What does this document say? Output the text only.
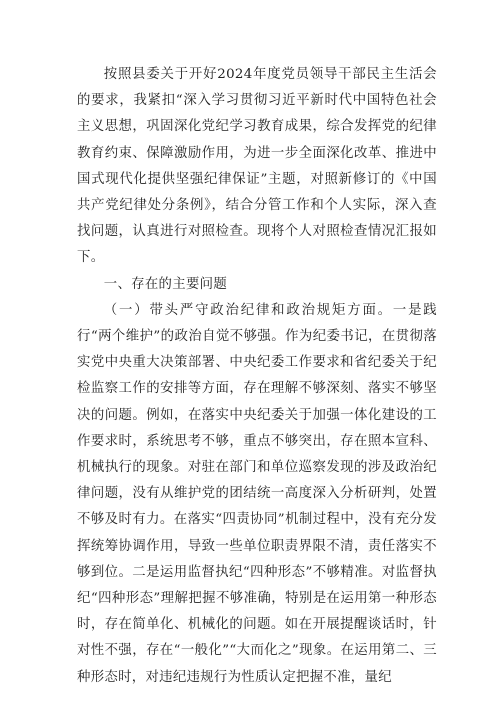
按照县委关于开好2024年度党员领导干部民主生活会的要求，我紧扣“深入学习贯彻习近平新时代中国特色社会主义思想，巩固深化党纪学习教育成果，综合发挥党的纪律教育约束、保障激励作用，为进一步全面深化改革、推进中国式现代化提供坚强纪律保证”主题，对照新修订的《中国共产党纪律处分条例》，结合分管工作和个人实际，深入查找问题，认真进行对照检查。现将个人对照检查情况汇报如下。

一、存在的主要问题

（一）带头严守政治纪律和政治规矩方面。一是践行“两个维护”的政治自觉不够强。作为纪委书记，在贯彻落实党中央重大决策部署、中央纪委工作要求和省纪委关于纪检监察工作的安排等方面，存在理解不够深刻、落实不够坚决的问题。例如，在落实中央纪委关于加强一体化建设的工作要求时，系统思考不够，重点不够突出，存在照本宣科、机械执行的现象。对驻在部门和单位巡察发现的涉及政治纪律问题，没有从维护党的团结统一高度深入分析研判，处置不够及时有力。在落实“四责协同”机制过程中，没有充分发挥统筹协调作用，导致一些单位职责界限不清，责任落实不够到位。二是运用监督执纪“四种形态”不够精准。对监督执纪“四种形态”理解把握不够准确，特别是在运用第一种形态时，存在简单化、机械化的问题。如在开展提醒谈话时，针对性不强，存在“一般化”“大而化之”现象。在运用第二、三种形态时，对违纪违规行为性质认定把握不准，量纪
